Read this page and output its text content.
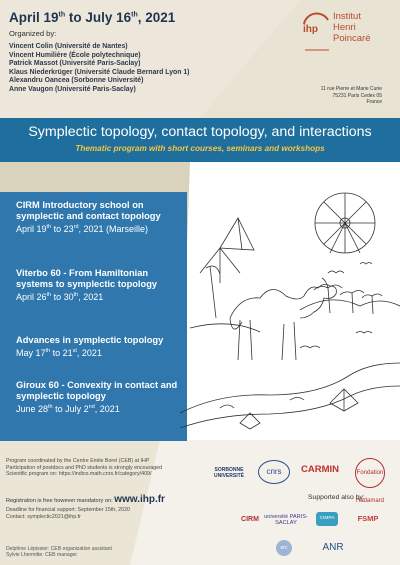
April 19th to July 16th, 2021
Organized by:
Vincent Colin (Université de Nantes)
Vincent Humilière (École polytechnique)
Patrick Massot (Université Paris-Saclay)
Klaus Niederkrüger (Université Claude Bernard Lyon 1)
Alexandru Oancea (Sorbonne Université)
Anne Vaugon (Université Paris-Saclay)
ihp
Institut
Henri
Poincaré
11 rue Pierre et Marie Curie
75231 Paris Cedex 05
France
Symplectic topology, contact topology, and interactions
Thematic program with short courses, seminars and workshops
CIRM Introductory school on symplectic and contact topology
April 19th to 23rd, 2021 (Marseille)
Viterbo 60 - From Hamiltonian systems to symplectic topology
April 26th to 30th, 2021
Advances in symplectic topology
May 17th to 21st, 2021
Giroux 60 - Convexity in contact and symplectic topology
June 28th to July 2nd, 2021
Program coordinated by the Centre Emile Borel (CEB) at IHP
Participation of postdocs and PhD students is strongly encouraged
Scientific program on: https://indico.math.cnrs.fr/category/409/
Registration is free however mandatory on: www.ihp.fr
Deadline for financial support: September 15th, 2020
Contact: symplectic2021@ihp.fr
Delphine Lépissier: CEB organization assistant
Sylvie Lhermitte: CEB manager
Supported also by:
SORBONNE UNIVERSITÉ	cnrs	CARMIN	Fondation Hadamard
CIRM université PARIS-SACLAY
CIMPA	FSMP
erc	ANR
